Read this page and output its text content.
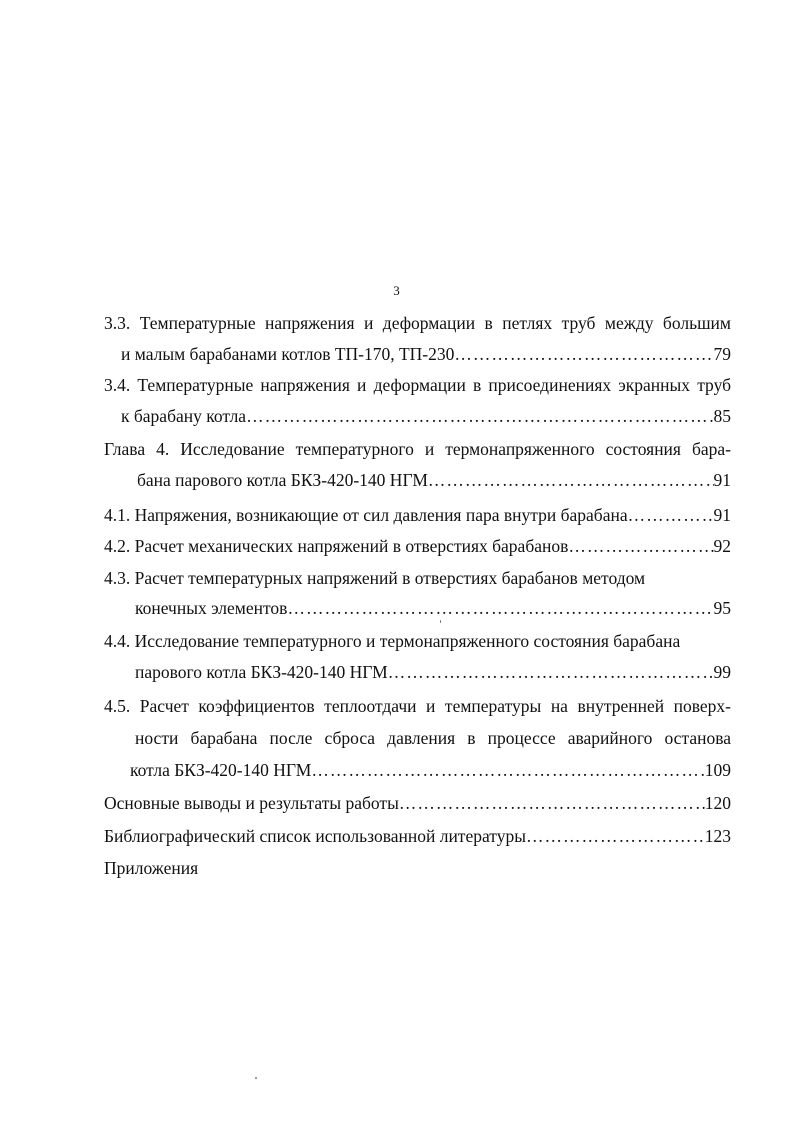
3
3.3. Температурные напряжения и деформации в петлях труб между большим
и малым барабанами котлов ТП-170, ТП-230 ………………………………………………………………………………………………………………………………………………………………	79
3.4. Температурные напряжения и деформации в присоединениях экранных труб
к барабану котла ………………………………………………………………………………………………………………………………………………………………	85
Глава 4. Исследование температурного и термонапряженного состояния бара-
бана парового котла БКЗ-420-140 НГМ ………………………………………………………………………………………………………………………………………………………………	91
4.1. Напряжения, возникающие от сил давления пара внутри барабана ………………………………………………………………………………………………………………………………………………………………	91
4.2. Расчет механических напряжений в отверстиях барабанов ………………………………………………………………………………………………………………………………………………………………	92
4.3. Расчет температурных напряжений в отверстиях барабанов методом
конечных элементов ………………………………………………………………………………………………………………………………………………………………	95
4.4. Исследование температурного и термонапряженного состояния барабана
парового котла БКЗ-420-140 НГМ ………………………………………………………………………………………………………………………………………………………………	99
4.5. Расчет коэффициентов теплоотдачи и температуры на внутренней поверх-
ности барабана после сброса давления в процессе аварийного останова
котла БКЗ-420-140 НГМ ………………………………………………………………………………………………………………………………………………………………	109
Основные выводы и результаты работы ………………………………………………………………………………………………………………………………………………………………	120
Библиографический список использованной литературы ………………………………………………………………………………………………………………………………………………………………	123
Приложения
